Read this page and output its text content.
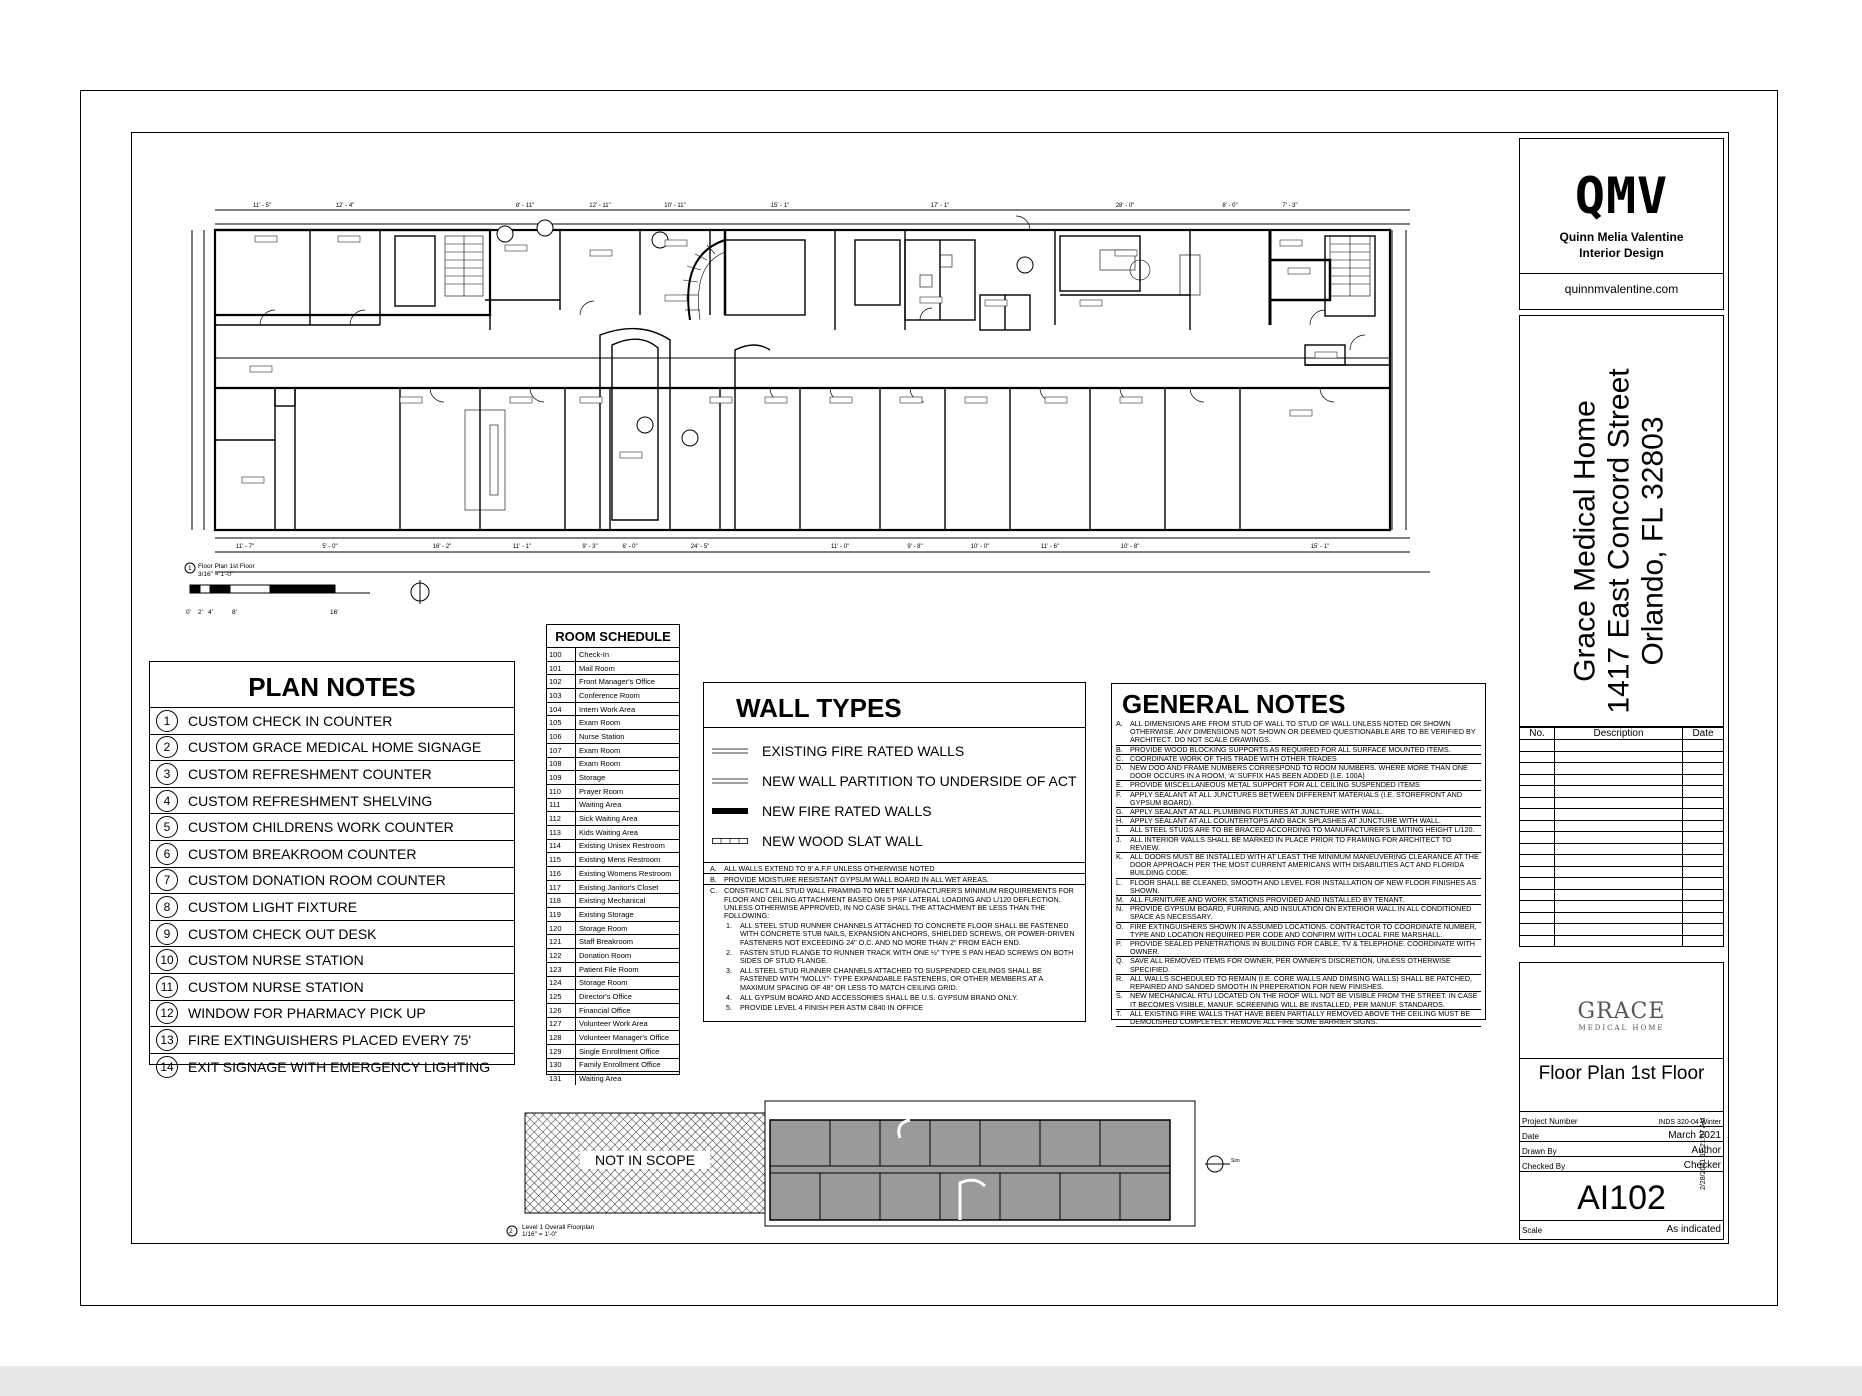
11' - 5"	12' - 4"	8' - 11"	12' - 11"	10' - 11"	15' - 1"	17' - 1"	28' - 0"	8' - 0"	7' - 3"
11' - 7"	5' - 0"	16' - 2"	11' - 1"	9' - 3"	6' - 0"	24' - 5"	11' - 0"	9' - 8"	10' - 0"	11' - 6"	10' - 8"	15' - 1"
1 Floor Plan 1st Floor
3/16" = 1'-0"
0' 2' 4'	8'	16'
PLAN NOTES
1	CUSTOM CHECK IN COUNTER
2	CUSTOM GRACE MEDICAL HOME SIGNAGE
3	CUSTOM REFRESHMENT COUNTER
4	CUSTOM REFRESHMENT SHELVING
5	CUSTOM CHILDRENS WORK COUNTER
6	CUSTOM BREAKROOM COUNTER
7	CUSTOM DONATION ROOM COUNTER
8	CUSTOM LIGHT FIXTURE
9	CUSTOM CHECK OUT DESK
10	CUSTOM NURSE STATION
11	CUSTOM NURSE STATION
12	WINDOW FOR PHARMACY PICK UP
13	FIRE EXTINGUISHERS PLACED EVERY 75'
14	EXIT SIGNAGE WITH EMERGENCY LIGHTING
ROOM SCHEDULE
100	Check-In
101	Mail Room
102	Front Manager's Office
103	Conference Room
104	Intern Work Area
105	Exam Room
106	Nurse Station
107	Exam Room
108	Exam Room
109	Storage
110	Prayer Room
111	Waiting Area
112	Sick Waiting Area
113	Kids Waiting Area
114	Existing Unisex Restroom
115	Existing Mens Restroom
116	Existing Womens Restroom
117	Existing Janitor's Closet
118	Existing Mechanical
119	Existing Storage
120	Storage Room
121	Staff Breakroom
122	Donation Room
123	Patient File Room
124	Storage Room
125	Director's Office
126	Financial Office
127	Volunteer Work Area
128	Volunteer Manager's Office
129	Single Enrollment Office
130	Family Enrollment Office
131	Waiting Area
WALL TYPES
EXISTING FIRE RATED WALLS
NEW WALL PARTITION TO UNDERSIDE OF ACT
NEW FIRE RATED WALLS
NEW WOOD SLAT WALL
A.	ALL WALLS EXTEND TO 9' A.F.F UNLESS OTHERWISE NOTED
B.	PROVIDE MOISTURE RESISTANT GYPSUM WALL BOARD IN ALL WET AREAS.
C. CONSTRUCT ALL STUD WALL FRAMING TO MEET MANUFACTURER'S MINIMUM REQUIREMENTS FOR FLOOR AND CEILING ATTACHMENT BASED ON 5 PSF LATERAL LOADING AND L/120 DEFLECTION. UNLESS OTHERWISE APPROVED, IN NO CASE SHALL THE ATTACHMENT BE LESS THAN THE FOLLOWING:
1.	ALL STEEL STUD RUNNER CHANNELS ATTACHED TO CONCRETE FLOOR SHALL BE FASTENED WITH CONCRETE STUB NAILS, EXPANSION ANCHORS, SHIELDED SCREWS, OR POWER-DRIVEN FASTENERS NOT EXCEEDING 24" O.C. AND NO MORE THAN 2" FROM EACH END.
2.	FASTEN STUD FLANGE TO RUNNER TRACK WITH ONE ½" TYPE S PAN HEAD SCREWS ON BOTH SIDES OF STUD FLANGE.
3.	ALL STEEL STUD RUNNER CHANNELS ATTACHED TO SUSPENDED CEILINGS SHALL BE FASTENED WITH "MOLLY"- TYPE EXPANDABLE FASTENERS, OR OTHER MEMBERS AT A MAXIMUM SPACING OF 48" OR LESS TO MATCH CEILING GRID.
4.	ALL GYPSUM BOARD AND ACCESSORIES SHALL BE U.S. GYPSUM BRAND ONLY.
5.	PROVIDE LEVEL 4 FINISH PER ASTM C840 IN OFFICE
GENERAL NOTES
A.	ALL DIMENSIONS ARE FROM STUD OF WALL TO STUD OF WALL UNLESS NOTED OR SHOWN OTHERWISE. ANY DIMENSIONS NOT SHOWN OR DEEMED QUESTIONABLE ARE TO BE VERIFIED BY ARCHITECT. DO NOT SCALE DRAWINGS.
B.	PROVIDE WOOD BLOCKING SUPPORTS AS REQUIRED FOR ALL SURFACE MOUNTED ITEMS.
C. COORDINATE WORK OF THIS TRADE WITH OTHER TRADES
D. NEW DOO AND FRAME NUMBERS CORRESPOND TO ROOM NUMBERS. WHERE MORE THAN ONE DOOR OCCURS IN A ROOM, 'A' SUFFIX HAS BEEN ADDED (I.E. 100A)
E.	PROVIDE MISCELLANEOUS METAL SUPPORT FOR ALL CEILING SUSPENDED ITEMS
F.	APPLY SEALANT AT ALL JUNCTURES BETWEEN DIFFERENT MATERIALS (I.E. STOREFRONT AND GYPSUM BOARD).
G. APPLY SEALANT AT ALL PLUMBING FIXTURES AT JUNCTURE WITH WALL.
H. APPLY SEALANT AT ALL COUNTERTOPS AND BACK SPLASHES AT JUNCTURE WITH WALL.
I.	ALL STEEL STUDS ARE TO BE BRACED ACCORDING TO MANUFACTURER'S LIMITING HEIGHT L/120.
J.	ALL INTERIOR WALLS SHALL BE MARKED IN PLACE PRIOR TO FRAMING FOR ARCHITECT TO REVIEW.
K.	ALL DOORS MUST BE INSTALLED WITH AT LEAST THE MINIMUM MANEUVERING CLEARANCE AT THE DOOR APPROACH PER THE MOST CURRENT AMERICANS WITH DISABILITIES ACT AND FLORIDA BUILDING CODE.
L.	FLOOR SHALL BE CLEANED, SMOOTH AND LEVEL FOR INSTALLATION OF NEW FLOOR FINISHES AS SHOWN.
M. ALL FURNITURE AND WORK STATIONS PROVIDED AND INSTALLED BY TENANT.
N. PROVIDE GYPSUM BOARD, FURRING, AND INSULATION ON EXTERIOR WALL IN ALL CONDITIONED SPACE AS NECESSARY.
O. FIRE EXTINGUISHERS SHOWN IN ASSUMED LOCATIONS. CONTRACTOR TO COORDINATE NUMBER, TYPE AND LOCATION REQUIRED PER CODE AND CONFIRM WITH LOCAL FIRE MARSHALL.
P.	PROVIDE SEALED PENETRATIONS IN BUILDING FOR CABLE, TV & TELEPHONE. COORDINATE WITH OWNER.
Q. SAVE ALL REMOVED ITEMS FOR OWNER, PER OWNER'S DISCRETION, UNLESS OTHERWISE SPECIFIED.
R. ALL WALLS SCHEDULED TO REMAIN (I.E. CORE WALLS AND DIMSING WALLS) SHALL BE PATCHED, REPAIRED AND SANDED SMOOTH IN PREPERATION FOR NEW FINISHES.
S.	NEW MECHANICAL RTU LOCATED ON THE ROOF WILL NOT BE VISIBLE FROM THE STREET. IN CASE IT BECOMES VISIBLE, MANUF. SCREENING WILL BE INSTALLED, PER MANUF. STANDARDS.
T.	ALL EXISTING FIRE WALLS THAT HAVE BEEN PARTIALLY REMOVED ABOVE THE CEILING MUST BE DEMOLISHED COMPLETELY. REMOVE ALL FIRE SOME BARRIER SIGNS.
NOT IN SCOPE	Sim
2
Level 1 Overall Floorplan
1/16" = 1'-0"
QMV
Quinn Melia Valentine
Interior Design
quinnmvalentine.com
Grace Medical Home 1417 East Concord Street Orlando, FL 32803
No.	Description	Date

GRACE
MEDICAL HOME
Floor Plan 1st Floor
Project Number	INDS 320-04 Winter
Date	March 2021
Drawn By	Author
Checked By	Checker
AI102
Scale	As indicated
2/28/2021 12:21:07 AM
